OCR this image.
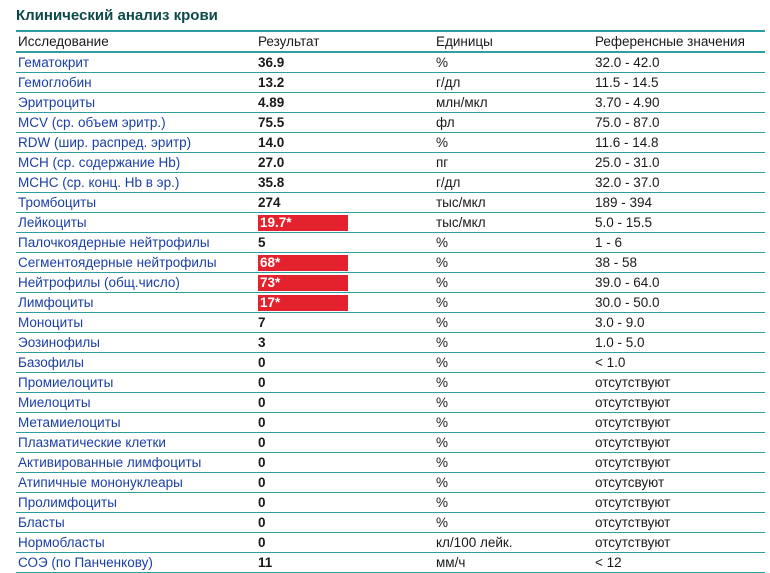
Клинический анализ крови
Исследование	Результат	Единицы	Референсные значения
Гематокрит	36.9	%	32.0 - 42.0
Гемоглобин	13.2	г/дл	11.5 - 14.5
Эритроциты	4.89	млн/мкл	3.70 - 4.90
MCV (ср. объем эритр.)	75.5	фл	75.0 - 87.0
RDW (шир. распред. эритр)	14.0	%	11.6 - 14.8
MCH (ср. содержание Hb)	27.0	пг	25.0 - 31.0
MCHC (ср. конц. Hb в эр.)	35.8	г/дл	32.0 - 37.0
Тромбоциты	274	тыс/мкл	189 - 394
Лейкоциты	19.7*	тыс/мкл	5.0 - 15.5
Палочкоядерные нейтрофилы	5	%	1 - 6
Сегментоядерные нейтрофилы	68*	%	38 - 58
Нейтрофилы (общ.число)	73*	%	39.0 - 64.0
Лимфоциты	17*	%	30.0 - 50.0
Моноциты	7	%	3.0 - 9.0
Эозинофилы	3	%	1.0 - 5.0
Базофилы	0	%	< 1.0
Промиелоциты	0	%	отсутствуют
Миелоциты	0	%	отсутствуют
Метамиелоциты	0	%	отсутствуют
Плазматические клетки	0	%	отсутствуют
Активированные лимфоциты	0	%	отсутствуют
Атипичные мононуклеары	0	%	отсутсвуют
Пролимфоциты	0	%	отсутствуют
Бласты	0	%	отсутствуют
Нормобласты	0	кл/100 лейк.	отсутствуют
СОЭ (по Панченкову)	11	мм/ч	< 12
